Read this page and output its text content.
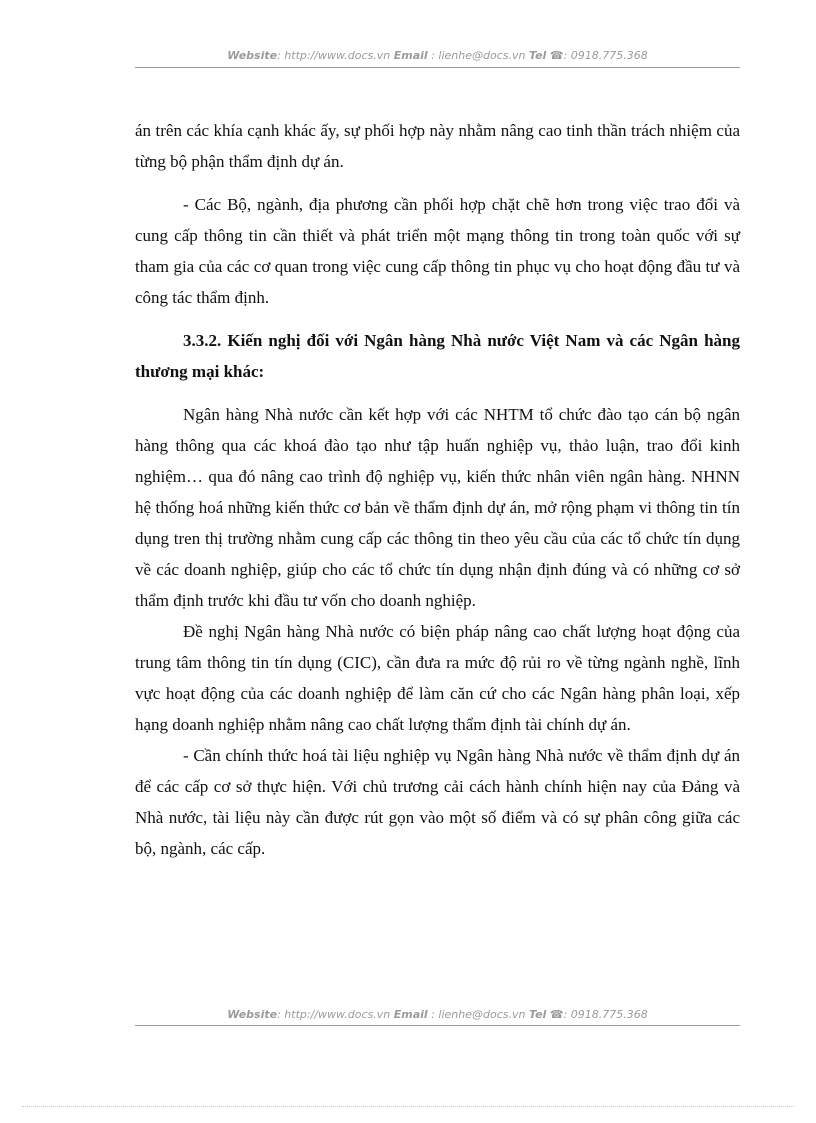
Website: http://www.docs.vn Email : lienhe@docs.vn Tel ☎: 0918.775.368

án trên các khía cạnh khác ấy, sự phối hợp này nhằm nâng cao tinh thần trách nhiệm của từng bộ phận thẩm định dự án.

- Các Bộ, ngành, địa phương cần phối hợp chặt chẽ hơn trong việc trao đổi và cung cấp thông tin cần thiết và phát triển một mạng thông tin trong toàn quốc với sự tham gia của các cơ quan trong việc cung cấp thông tin phục vụ cho hoạt động đầu tư và công tác thẩm định.

3.3.2. Kiến nghị đối với Ngân hàng Nhà nước Việt Nam và các Ngân hàng thương mại khác:

Ngân hàng Nhà nước cần kết hợp với các NHTM tổ chức đào tạo cán bộ ngân hàng thông qua các khoá đào tạo như tập huấn nghiệp vụ, thảo luận, trao đổi kinh nghiệm… qua đó nâng cao trình độ nghiệp vụ, kiến thức nhân viên ngân hàng. NHNN hệ thống hoá những kiến thức cơ bản về thẩm định dự án, mở rộng phạm vi thông tin tín dụng tren thị trường nhằm cung cấp các thông tin theo yêu cầu của các tổ chức tín dụng về các doanh nghiệp, giúp cho các tổ chức tín dụng nhận định đúng và có những cơ sở thẩm định trước khi đầu tư vốn cho doanh nghiệp.

Đề nghị Ngân hàng Nhà nước có biện pháp nâng cao chất lượng hoạt động của trung tâm thông tin tín dụng (CIC), cần đưa ra mức độ rủi ro về từng ngành nghề, lĩnh vực hoạt động của các doanh nghiệp để làm căn cứ cho các Ngân hàng phân loại, xếp hạng doanh nghiệp nhằm nâng cao chất lượng thẩm định tài chính dự án.

- Cần chính thức hoá tài liệu nghiệp vụ Ngân hàng Nhà nước về thẩm định dự án để các cấp cơ sở thực hiện. Với chủ trương cải cách hành chính hiện nay của Đảng và Nhà nước, tài liệu này cần được rút gọn vào một số điểm và có sự phân công giữa các bộ, ngành, các cấp.

Website: http://www.docs.vn Email : lienhe@docs.vn Tel ☎: 0918.775.368
